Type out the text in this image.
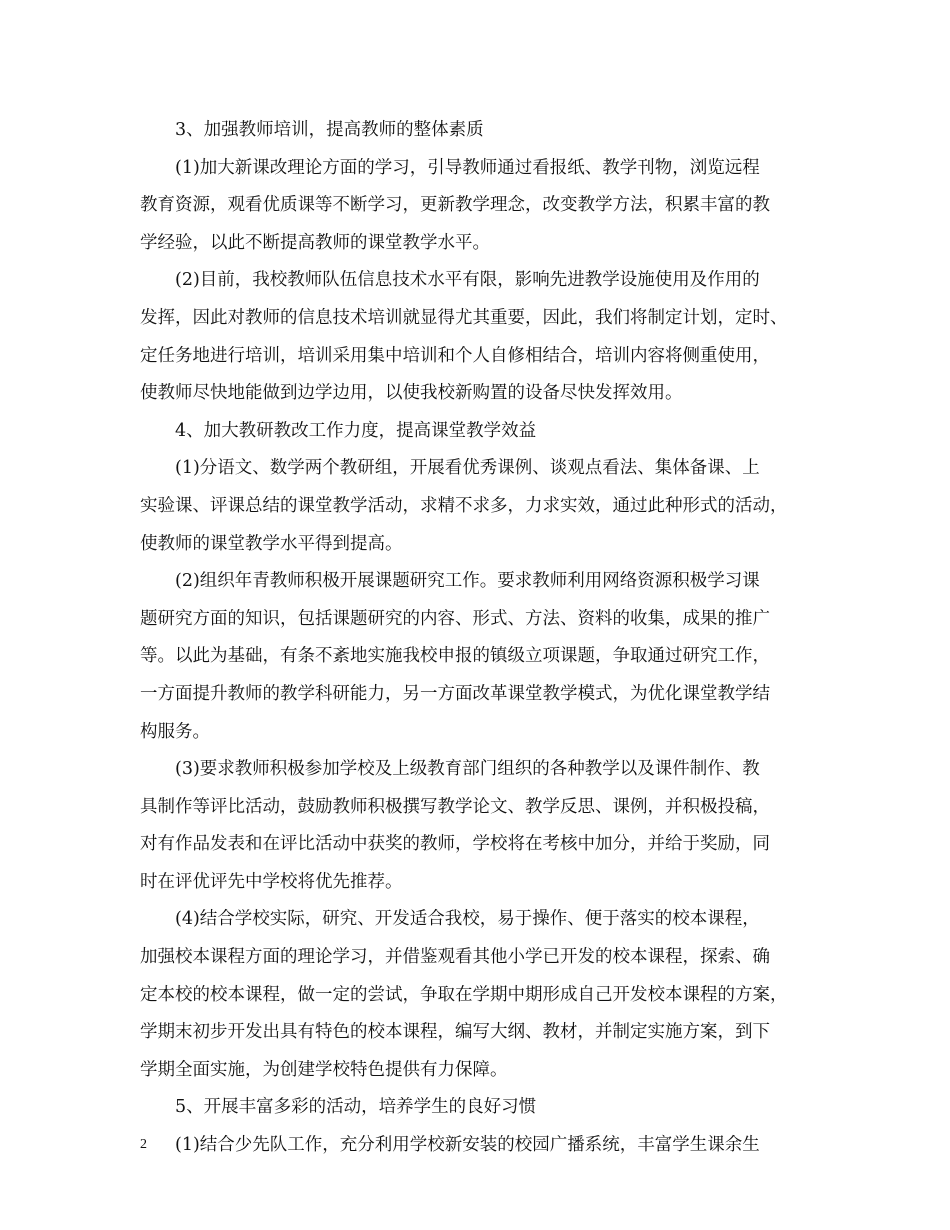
3、加强教师培训，提高教师的整体素质
(1)加大新课改理论方面的学习，引导教师通过看报纸、教学刊物，浏览远程
教育资源，观看优质课等不断学习，更新教学理念，改变教学方法，积累丰富的教
学经验，以此不断提高教师的课堂教学水平。
(2)目前，我校教师队伍信息技术水平有限，影响先进教学设施使用及作用的
发挥，因此对教师的信息技术培训就显得尤其重要，因此，我们将制定计划，定时、
定任务地进行培训，培训采用集中培训和个人自修相结合，培训内容将侧重使用，
使教师尽快地能做到边学边用，以使我校新购置的设备尽快发挥效用。
4、加大教研教改工作力度，提高课堂教学效益
(1)分语文、数学两个教研组，开展看优秀课例、谈观点看法、集体备课、上
实验课、评课总结的课堂教学活动，求精不求多，力求实效，通过此种形式的活动，
使教师的课堂教学水平得到提高。
(2)组织年青教师积极开展课题研究工作。要求教师利用网络资源积极学习课
题研究方面的知识，包括课题研究的内容、形式、方法、资料的收集，成果的推广
等。以此为基础，有条不紊地实施我校申报的镇级立项课题，争取通过研究工作，
一方面提升教师的教学科研能力，另一方面改革课堂教学模式，为优化课堂教学结
构服务。
(3)要求教师积极参加学校及上级教育部门组织的各种教学以及课件制作、教
具制作等评比活动，鼓励教师积极撰写教学论文、教学反思、课例，并积极投稿，
对有作品发表和在评比活动中获奖的教师，学校将在考核中加分，并给于奖励，同
时在评优评先中学校将优先推荐。
(4)结合学校实际，研究、开发适合我校，易于操作、便于落实的校本课程，
加强校本课程方面的理论学习，并借鉴观看其他小学已开发的校本课程，探索、确
定本校的校本课程，做一定的尝试，争取在学期中期形成自己开发校本课程的方案，
学期末初步开发出具有特色的校本课程，编写大纲、教材，并制定实施方案，到下
学期全面实施，为创建学校特色提供有力保障。
5、开展丰富多彩的活动，培养学生的良好习惯
(1)结合少先队工作，充分利用学校新安装的校园广播系统，丰富学生课余生
2
